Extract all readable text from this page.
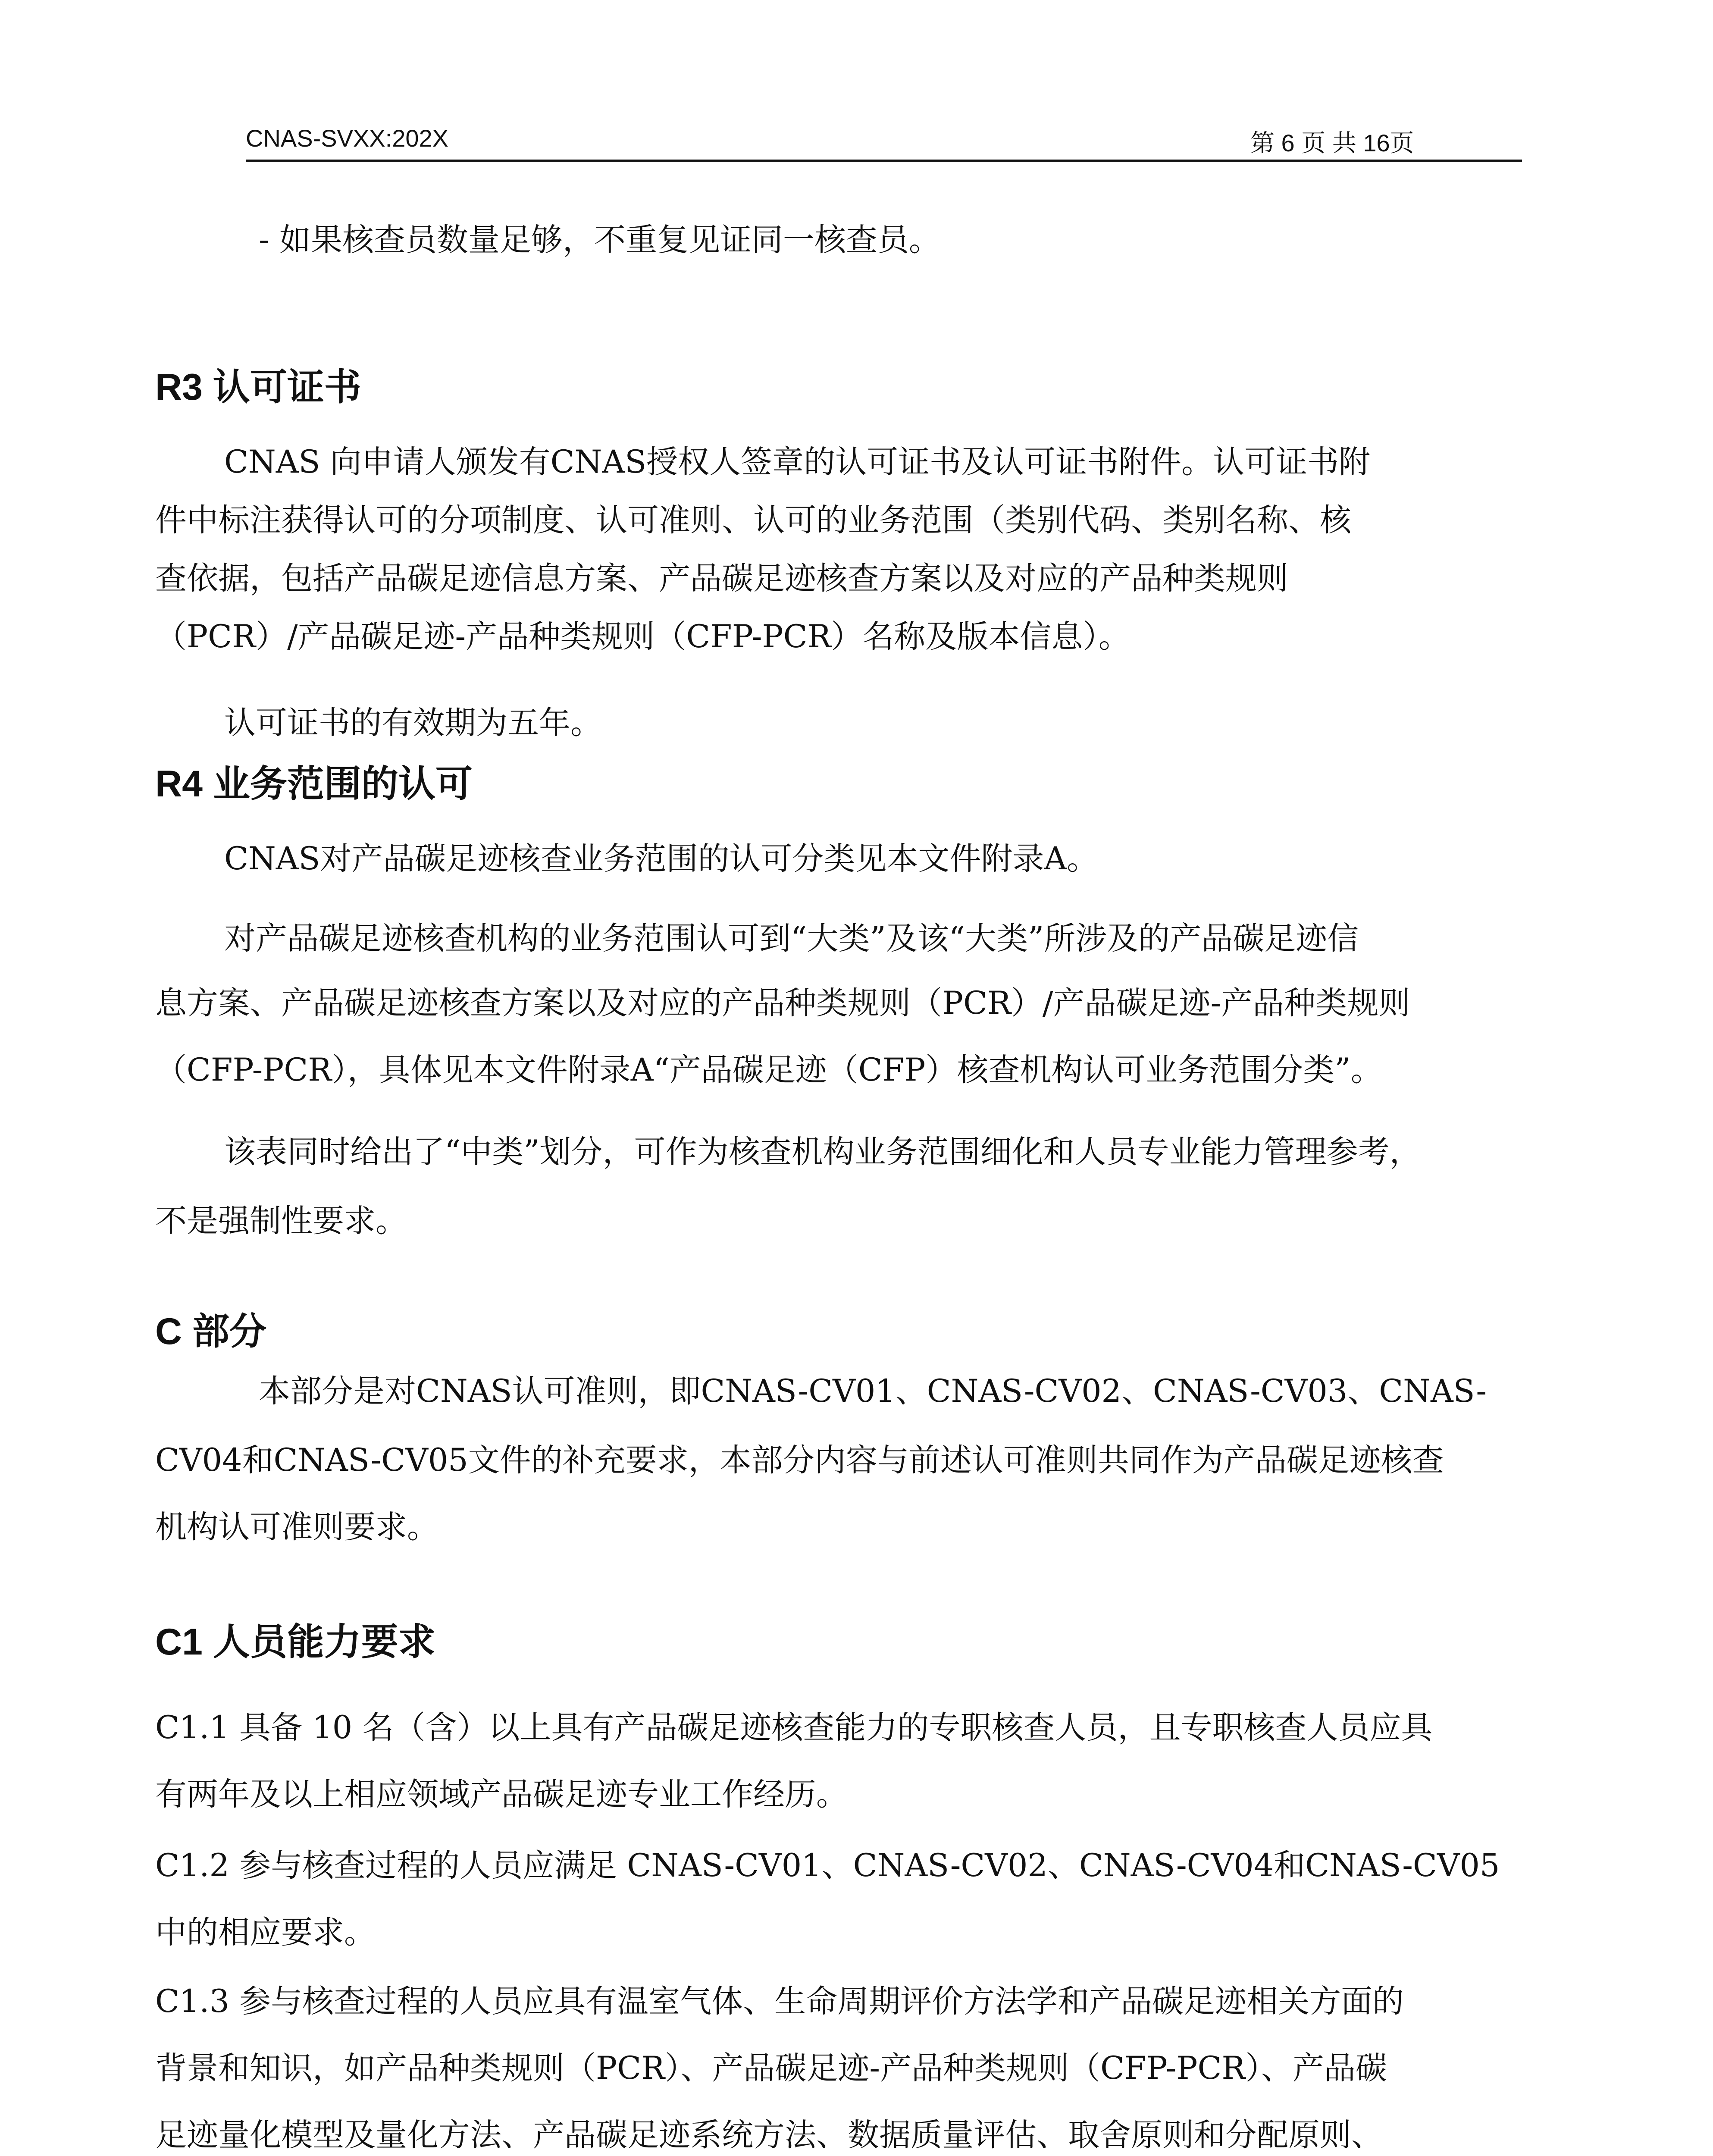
CNAS-SVXX:202X	第 6 页 共 16页
- 如果核查员数量足够，不重复见证同一核查员。
R3 认可证书
CNAS 向申请人颁发有CNAS授权人签章的认可证书及认可证书附件。认可证书附
件中标注获得认可的分项制度、认可准则、认可的业务范围（类别代码、类别名称、核
查依据，包括产品碳足迹信息方案、产品碳足迹核查方案以及对应的产品种类规则
（PCR）/产品碳足迹-产品种类规则（CFP-PCR）名称及版本信息）。
认可证书的有效期为五年。
R4 业务范围的认可
CNAS对产品碳足迹核查业务范围的认可分类见本文件附录A。
对产品碳足迹核查机构的业务范围认可到“大类”及该“大类”所涉及的产品碳足迹信
息方案、产品碳足迹核查方案以及对应的产品种类规则（PCR）/产品碳足迹-产品种类规则
（CFP-PCR），具体见本文件附录A“产品碳足迹（CFP）核查机构认可业务范围分类”。
该表同时给出了“中类”划分，可作为核查机构业务范围细化和人员专业能力管理参考，
不是强制性要求。
C 部分
本部分是对CNAS认可准则，即CNAS-CV01、CNAS-CV02、CNAS-CV03、CNAS-
CV04和CNAS-CV05文件的补充要求，本部分内容与前述认可准则共同作为产品碳足迹核查
机构认可准则要求。
C1 人员能力要求
C1.1 具备 10 名（含）以上具有产品碳足迹核查能力的专职核查人员，且专职核查人员应具
有两年及以上相应领域产品碳足迹专业工作经历。
C1.2 参与核查过程的人员应满足 CNAS-CV01、CNAS-CV02、CNAS-CV04和CNAS-CV05
中的相应要求。
C1.3 参与核查过程的人员应具有温室气体、生命周期评价方法学和产品碳足迹相关方面的
背景和知识，如产品种类规则（PCR）、产品碳足迹-产品种类规则（CFP-PCR）、产品碳
足迹量化模型及量化方法、产品碳足迹系统方法、数据质量评估、取舍原则和分配原则、
